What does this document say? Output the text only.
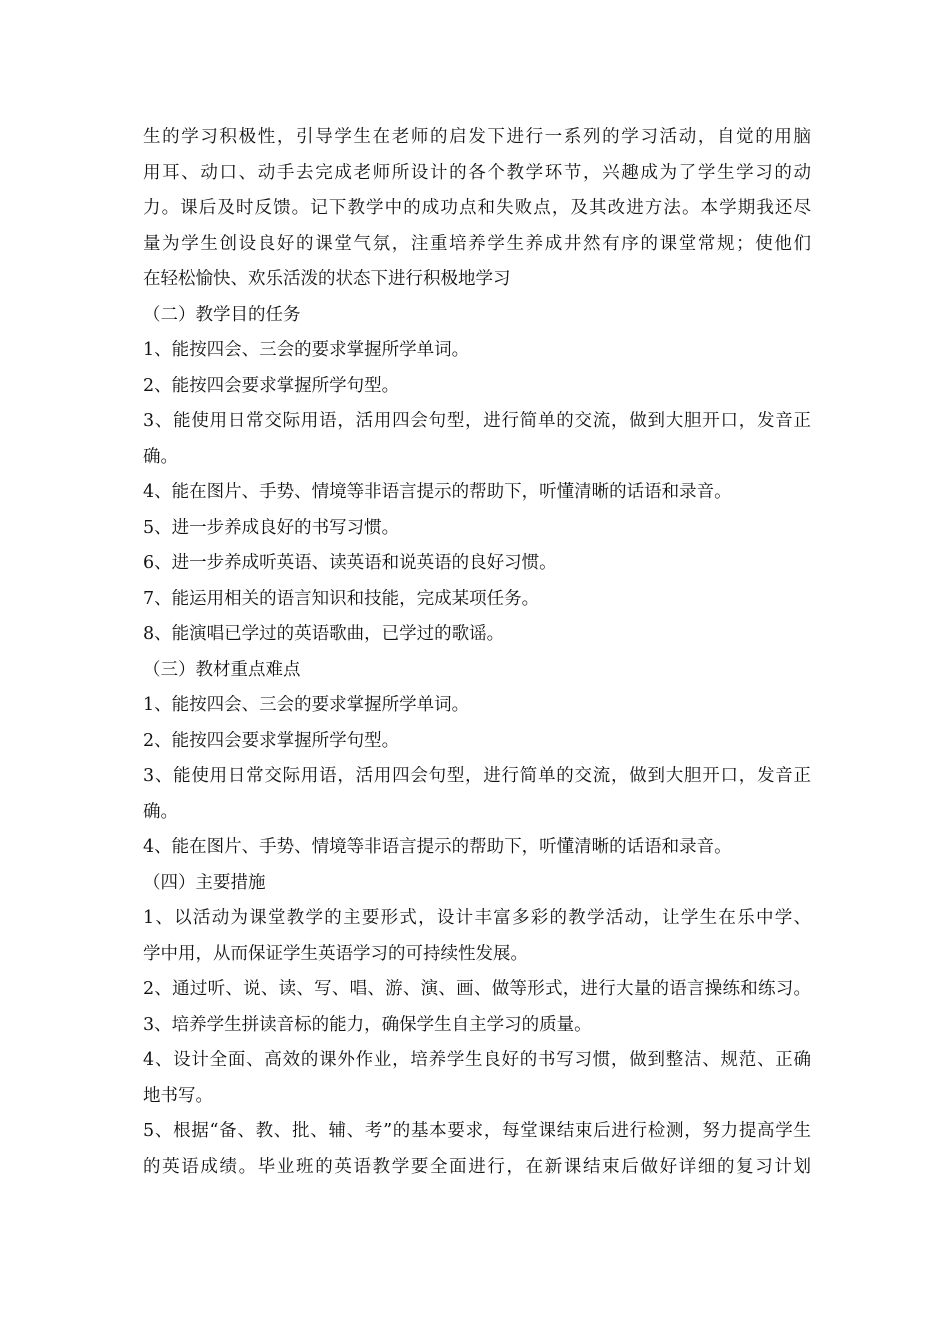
生的学习积极性，引导学生在老师的启发下进行一系列的学习活动，自觉的用脑
用耳、动口、动手去完成老师所设计的各个教学环节，兴趣成为了学生学习的动
力。课后及时反馈。记下教学中的成功点和失败点，及其改进方法。本学期我还尽
量为学生创设良好的课堂气氛，注重培养学生养成井然有序的课堂常规；使他们
在轻松愉快、欢乐活泼的状态下进行积极地学习
（二）教学目的任务
1、能按四会、三会的要求掌握所学单词。
2、能按四会要求掌握所学句型。
3、能使用日常交际用语，活用四会句型，进行简单的交流，做到大胆开口，发音正
确。
4、能在图片、手势、情境等非语言提示的帮助下，听懂清晰的话语和录音。
5、进一步养成良好的书写习惯。
6、进一步养成听英语、读英语和说英语的良好习惯。
7、能运用相关的语言知识和技能，完成某项任务。
8、能演唱已学过的英语歌曲，已学过的歌谣。
（三）教材重点难点
1、能按四会、三会的要求掌握所学单词。
2、能按四会要求掌握所学句型。
3、能使用日常交际用语，活用四会句型，进行简单的交流，做到大胆开口，发音正
确。
4、能在图片、手势、情境等非语言提示的帮助下，听懂清晰的话语和录音。
（四）主要措施
1、以活动为课堂教学的主要形式，设计丰富多彩的教学活动，让学生在乐中学、
学中用，从而保证学生英语学习的可持续性发展。
2、通过听、说、读、写、唱、游、演、画、做等形式，进行大量的语言操练和练习。
3、培养学生拼读音标的能力，确保学生自主学习的质量。
4、设计全面、高效的课外作业，培养学生良好的书写习惯，做到整洁、规范、正确
地书写。
5、根据“备、教、批、辅、考”的基本要求，每堂课结束后进行检测，努力提高学生
的英语成绩。毕业班的英语教学要全面进行，在新课结束后做好详细的复习计划
